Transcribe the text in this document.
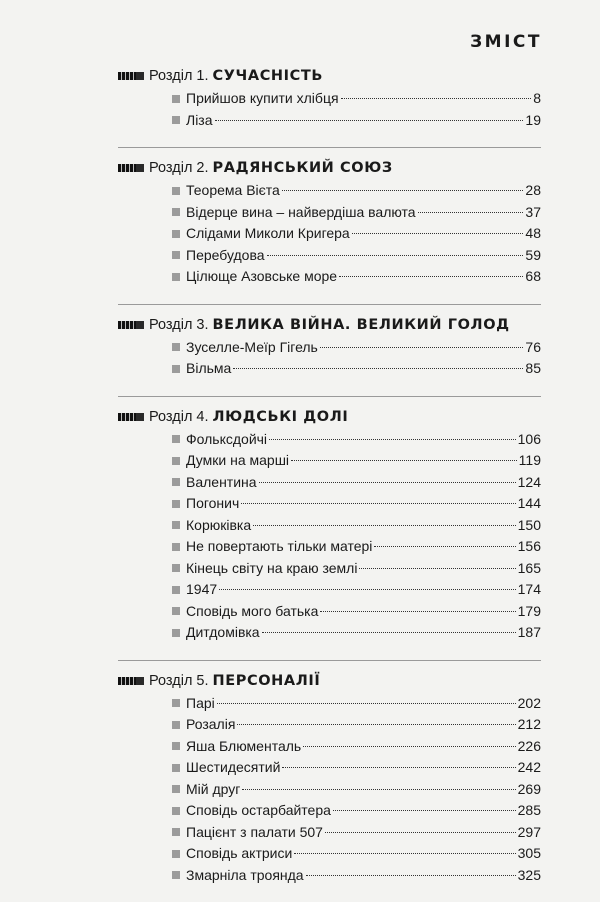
ЗМІСТ
Розділ 1. СУЧАСНІСТЬ
Прийшов купити хлібця	8
Ліза	19
Розділ 2. РАДЯНСЬКИЙ СОЮЗ
Теорема Вієта	28
Відерце вина – найвердіша валюта	37
Слідами Миколи Кригера	48
Перебудова	59
Цілюще Азовське море	68
Розділ 3. ВЕЛИКА ВІЙНА. ВЕЛИКИЙ ГОЛОД
Зуселле-Меїр Гігель	76
Вільма	85
Розділ 4. ЛЮДСЬКІ ДОЛІ
Фольксдойчі	106
Думки на марші	119
Валентина	124
Погонич	144
Корюківка	150
Не повертають тільки матері	156
Кінець світу на краю землі	165
1947	174
Сповідь мого батька	179
Дитдомівка	187
Розділ 5. ПЕРСОНАЛІЇ
Парі	202
Розалія	212
Яша Блюменталь	226
Шестидесятий	242
Мій друг	269
Сповідь остарбайтера	285
Пацієнт з палати 507	297
Сповідь актриси	305
Змарніла троянда	325
